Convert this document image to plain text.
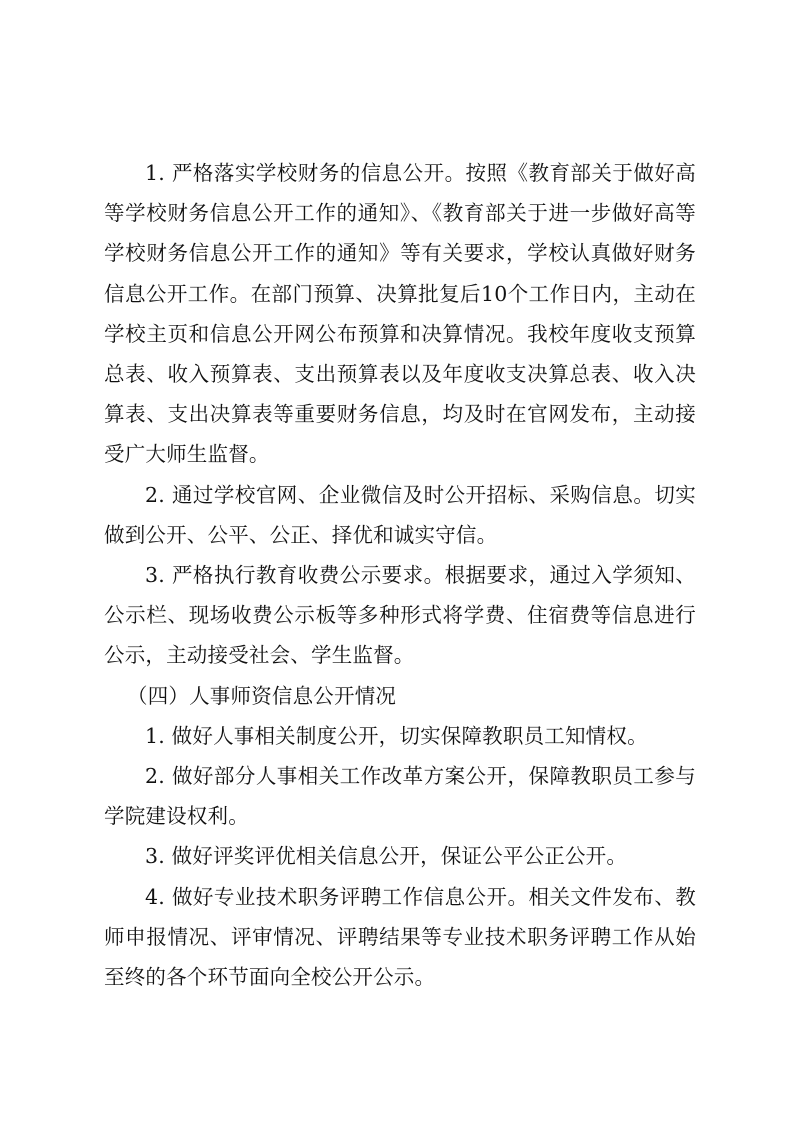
1. 严格落实学校财务的信息公开。按照《教育部关于做好高等学校财务信息公开工作的通知》、《教育部关于进一步做好高等学校财务信息公开工作的通知》等有关要求，学校认真做好财务信息公开工作。在部门预算、决算批复后10个工作日内，主动在学校主页和信息公开网公布预算和决算情况。我校年度收支预算总表、收入预算表、支出预算表以及年度收支决算总表、收入决算表、支出决算表等重要财务信息，均及时在官网发布，主动接受广大师生监督。

2. 通过学校官网、企业微信及时公开招标、采购信息。切实做到公开、公平、公正、择优和诚实守信。

3. 严格执行教育收费公示要求。根据要求，通过入学须知、公示栏、现场收费公示板等多种形式将学费、住宿费等信息进行公示，主动接受社会、学生监督。

（四）人事师资信息公开情况

1. 做好人事相关制度公开，切实保障教职员工知情权。

2. 做好部分人事相关工作改革方案公开，保障教职员工参与学院建设权利。

3. 做好评奖评优相关信息公开，保证公平公正公开。

4. 做好专业技术职务评聘工作信息公开。相关文件发布、教师申报情况、评审情况、评聘结果等专业技术职务评聘工作从始至终的各个环节面向全校公开公示。
